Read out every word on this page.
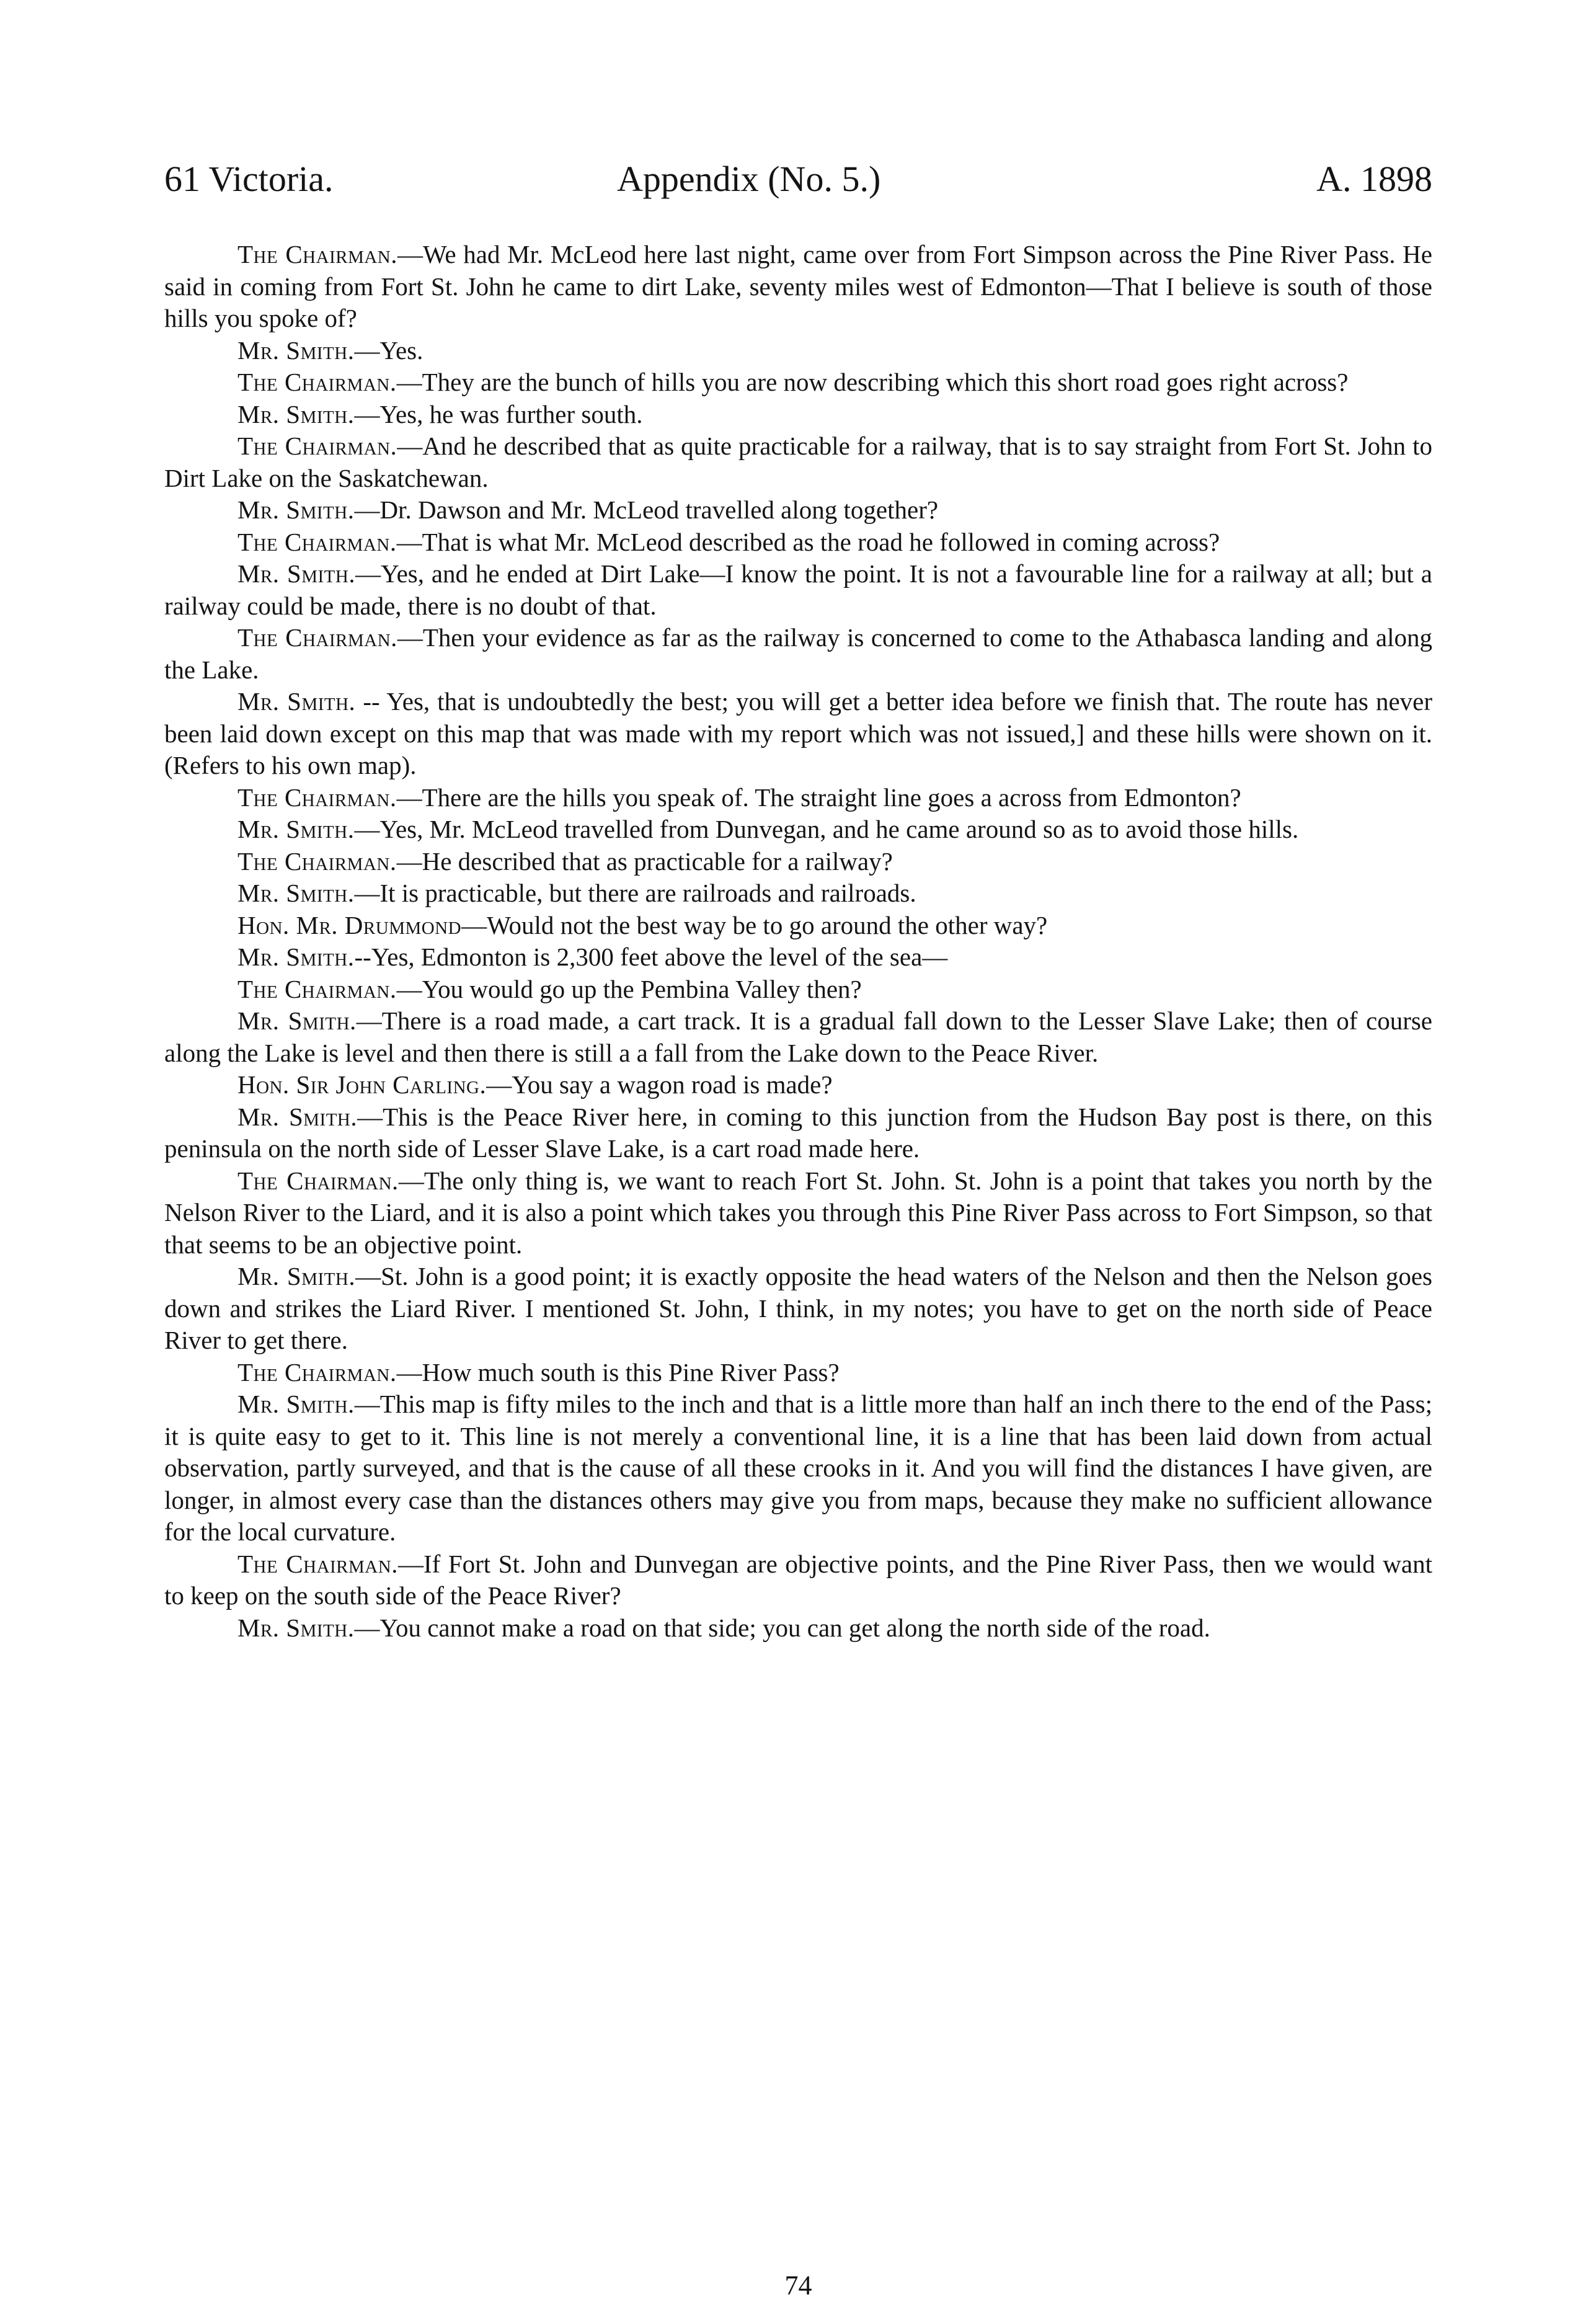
61 Victoria.	Appendix (No. 5.)	A. 1898

The Chairman.—We had Mr. McLeod here last night, came over from Fort Simpson across the Pine River Pass. He said in coming from Fort St. John he came to dirt Lake, seventy miles west of Edmonton—That I believe is south of those hills you spoke of?

Mr. Smith.—Yes.

The Chairman.—They are the bunch of hills you are now describing which this short road goes right across?

Mr. Smith.—Yes, he was further south.

The Chairman.—And he described that as quite practicable for a railway, that is to say straight from Fort St. John to Dirt Lake on the Saskatchewan.

Mr. Smith.—Dr. Dawson and Mr. McLeod travelled along together?

The Chairman.—That is what Mr. McLeod described as the road he followed in coming across?

Mr. Smith.—Yes, and he ended at Dirt Lake—I know the point. It is not a favourable line for a railway at all; but a railway could be made, there is no doubt of that.

The Chairman.—Then your evidence as far as the railway is concerned to come to the Athabasca landing and along the Lake.

Mr. Smith. -- Yes, that is undoubtedly the best; you will get a better idea before we finish that. The route has never been laid down except on this map that was made with my report which was not issued,] and these hills were shown on it. (Refers to his own map).

The Chairman.—There are the hills you speak of. The straight line goes a across from Edmonton?

Mr. Smith.—Yes, Mr. McLeod travelled from Dunvegan, and he came around so as to avoid those hills.

The Chairman.—He described that as practicable for a railway?

Mr. Smith.—It is practicable, but there are railroads and railroads.

Hon. Mr. Drummond—Would not the best way be to go around the other way?

Mr. Smith.--Yes, Edmonton is 2,300 feet above the level of the sea—

The Chairman.—You would go up the Pembina Valley then?

Mr. Smith.—There is a road made, a cart track. It is a gradual fall down to the Lesser Slave Lake; then of course along the Lake is level and then there is still a a fall from the Lake down to the Peace River.

Hon. Sir John Carling.—You say a wagon road is made?

Mr. Smith.—This is the Peace River here, in coming to this junction from the Hudson Bay post is there, on this peninsula on the north side of Lesser Slave Lake, is a cart road made here.

The Chairman.—The only thing is, we want to reach Fort St. John. St. John is a point that takes you north by the Nelson River to the Liard, and it is also a point which takes you through this Pine River Pass across to Fort Simpson, so that that seems to be an objective point.

Mr. Smith.—St. John is a good point; it is exactly opposite the head waters of the Nelson and then the Nelson goes down and strikes the Liard River. I mentioned St. John, I think, in my notes; you have to get on the north side of Peace River to get there.

The Chairman.—How much south is this Pine River Pass?

Mr. Smith.—This map is fifty miles to the inch and that is a little more than half an inch there to the end of the Pass; it is quite easy to get to it. This line is not merely a conventional line, it is a line that has been laid down from actual observation, partly surveyed, and that is the cause of all these crooks in it. And you will find the distances I have given, are longer, in almost every case than the distances others may give you from maps, because they make no sufficient allowance for the local curvature.

The Chairman.—If Fort St. John and Dunvegan are objective points, and the Pine River Pass, then we would want to keep on the south side of the Peace River?

Mr. Smith.—You cannot make a road on that side; you can get along the north side of the road.

74
